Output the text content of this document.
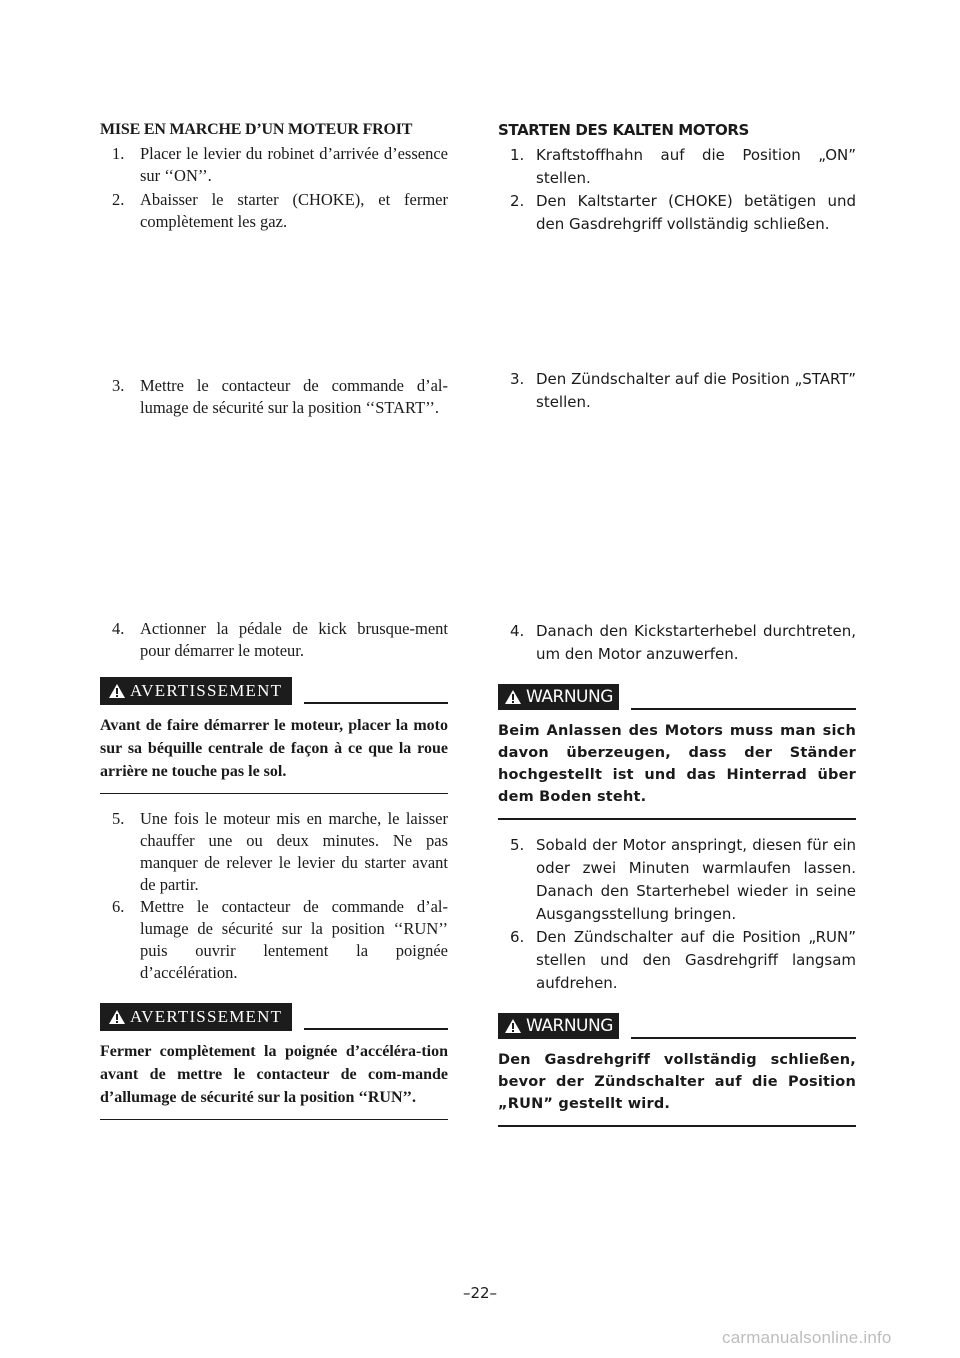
MISE EN MARCHE D’UN MOTEUR FROIT

1. Placer le levier du robinet d’arrivée d’essence sur ‘‘ON’’.

2. Abaisser le starter (CHOKE), et fermer complètement les gaz.

3. Mettre le contacteur de commande d’al-lumage de sécurité sur la position ‘‘START’’.

4. Actionner la pédale de kick brusque-ment pour démarrer le moteur.

AVERTISSEMENT

Avant de faire démarrer le moteur, placer la moto sur sa béquille centrale de façon à ce que la roue arrière ne touche pas le sol.

5. Une fois le moteur mis en marche, le laisser chauffer une ou deux minutes. Ne pas manquer de relever le levier du starter avant de partir.

6. Mettre le contacteur de commande d’al-lumage de sécurité sur la position ‘‘RUN’’ puis ouvrir lentement la poignée d’accélération.

AVERTISSEMENT

Fermer complètement la poignée d’accéléra-tion avant de mettre le contacteur de com-mande d’allumage de sécurité sur la position ‘‘RUN’’.

STARTEN DES KALTEN MOTORS

1. Kraftstoffhahn auf die Position „ON” stellen.

2. Den Kaltstarter (CHOKE) betätigen und den Gasdrehgriff vollständig schließen.

3. Den Zündschalter auf die Position „START” stellen.

4. Danach den Kickstarterhebel durchtreten, um den Motor anzuwerfen.

WARNUNG

Beim Anlassen des Motors muss man sich davon überzeugen, dass der Ständer hochgestellt ist und das Hinterrad über dem Boden steht.

5. Sobald der Motor anspringt, diesen für ein oder zwei Minuten warmlaufen lassen. Danach den Starterhebel wieder in seine Ausgangsstellung bringen.

6. Den Zündschalter auf die Position „RUN” stellen und den Gasdrehgriff langsam aufdrehen.

WARNUNG

Den Gasdrehgriff vollständig schließen, bevor der Zündschalter auf die Position „RUN” gestellt wird.

–22–
carmanualsonline.info
